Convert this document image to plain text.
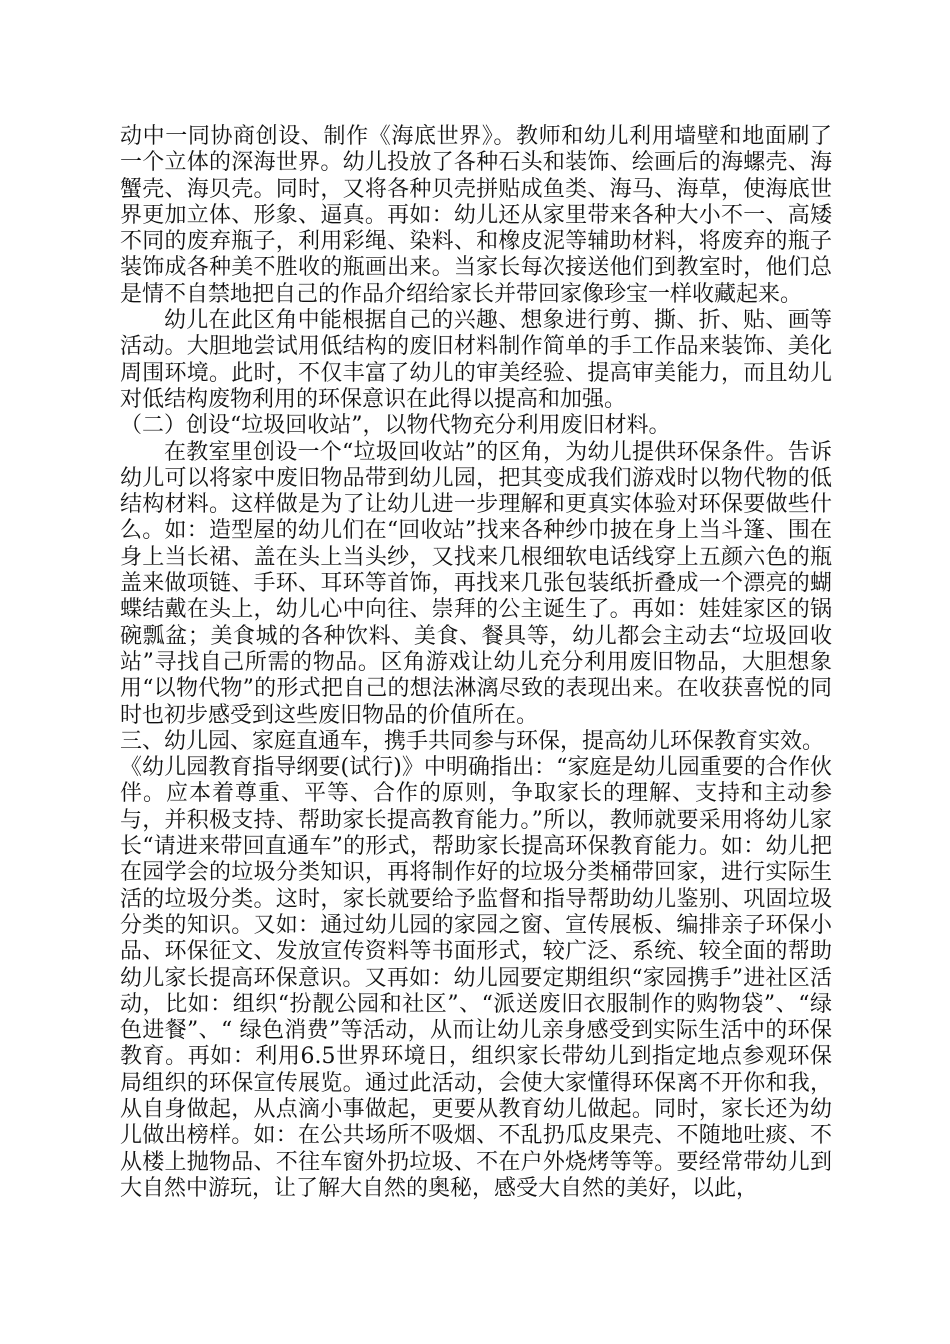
动中一同协商创设、制作《海底世界》。教师和幼儿利用墙壁和地面刷了一个立体的深海世界。幼儿投放了各种石头和装饰、绘画后的海螺壳、海蟹壳、海贝壳。同时，又将各种贝壳拼贴成鱼类、海马、海草，使海底世界更加立体、形象、逼真。再如：幼儿还从家里带来各种大小不一、高矮不同的废弃瓶子，利用彩绳、染料、和橡皮泥等辅助材料，将废弃的瓶子装饰成各种美不胜收的瓶画出来。当家长每次接送他们到教室时，他们总是情不自禁地把自己的作品介绍给家长并带回家像珍宝一样收藏起来。

幼儿在此区角中能根据自己的兴趣、想象进行剪、撕、折、贴、画等活动。大胆地尝试用低结构的废旧材料制作简单的手工作品来装饰、美化周围环境。此时，不仅丰富了幼儿的审美经验、提高审美能力，而且幼儿对低结构废物利用的环保意识在此得以提高和加强。

（二）创设“垃圾回收站”，以物代物充分利用废旧材料。

在教室里创设一个“垃圾回收站”的区角，为幼儿提供环保条件。告诉幼儿可以将家中废旧物品带到幼儿园，把其变成我们游戏时以物代物的低结构材料。这样做是为了让幼儿进一步理解和更真实体验对环保要做些什么。如：造型屋的幼儿们在“回收站”找来各种纱巾披在身上当斗篷、围在身上当长裙、盖在头上当头纱，又找来几根细软电话线穿上五颜六色的瓶盖来做项链、手环、耳环等首饰，再找来几张包装纸折叠成一个漂亮的蝴蝶结戴在头上，幼儿心中向往、崇拜的公主诞生了。再如：娃娃家区的锅碗瓢盆；美食城的各种饮料、美食、餐具等，幼儿都会主动去“垃圾回收站”寻找自己所需的物品。区角游戏让幼儿充分利用废旧物品，大胆想象用“以物代物”的形式把自己的想法淋漓尽致的表现出来。在收获喜悦的同时也初步感受到这些废旧物品的价值所在。

三、幼儿园、家庭直通车，携手共同参与环保，提高幼儿环保教育实效。

《幼儿园教育指导纲要(试行)》中明确指出：“家庭是幼儿园重要的合作伙伴。应本着尊重、平等、合作的原则，争取家长的理解、支持和主动参与，并积极支持、帮助家长提高教育能力。”所以，教师就要采用将幼儿家长“请进来带回直通车”的形式，帮助家长提高环保教育能力。如：幼儿把在园学会的垃圾分类知识，再将制作好的垃圾分类桶带回家，进行实际生活的垃圾分类。这时，家长就要给予监督和指导帮助幼儿鉴别、巩固垃圾分类的知识。又如：通过幼儿园的家园之窗、宣传展板、编排亲子环保小品、环保征文、发放宣传资料等书面形式，较广泛、系统、较全面的帮助幼儿家长提高环保意识。又再如：幼儿园要定期组织“家园携手”进社区活动，比如：组织“扮靓公园和社区”、“派送废旧衣服制作的购物袋”、“绿色进餐”、“ 绿色消费”等活动，从而让幼儿亲身感受到实际生活中的环保教育。再如：利用6.5世界环境日，组织家长带幼儿到指定地点参观环保局组织的环保宣传展览。通过此活动，会使大家懂得环保离不开你和我，从自身做起，从点滴小事做起，更要从教育幼儿做起。同时，家长还为幼儿做出榜样。如：在公共场所不吸烟、不乱扔瓜皮果壳、不随地吐痰、不从楼上抛物品、不往车窗外扔垃圾、不在户外烧烤等等。要经常带幼儿到大自然中游玩，让了解大自然的奥秘，感受大自然的美好，以此，
